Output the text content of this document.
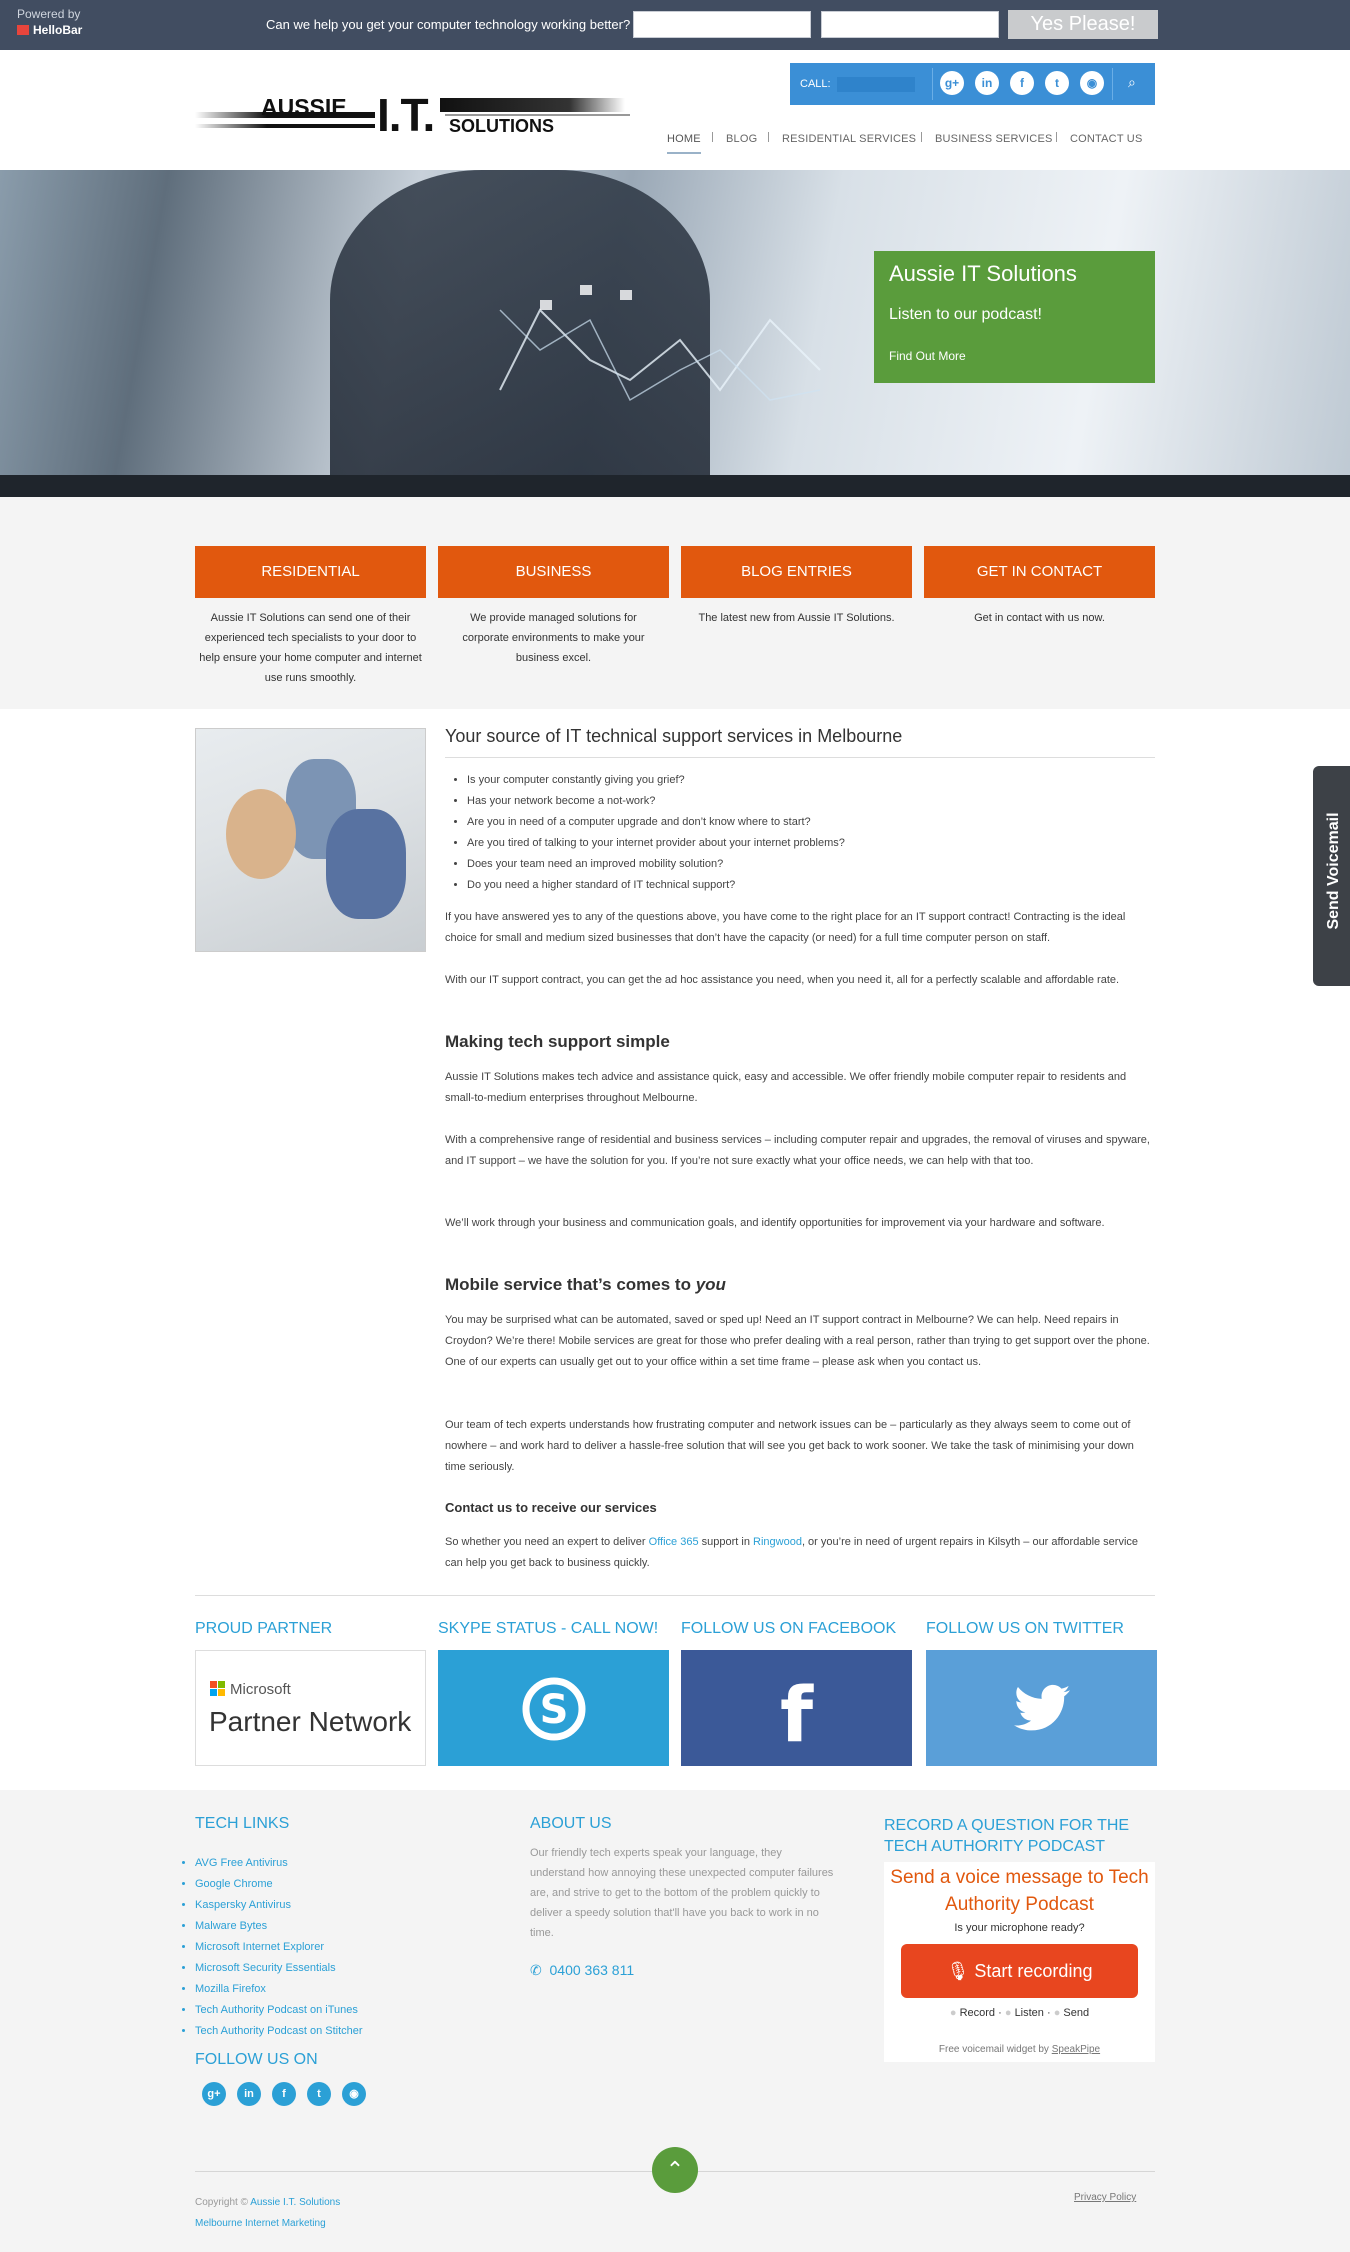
Powered by
HelloBar	Can we help you get your computer technology working better?	Yes Please!
AUSSIE I.T. SOLUTIONS
CALL:	g+	in	f	t	◉	⌕
HOME BLOG RESIDENTIAL SERVICES BUSINESS SERVICES CONTACT US
Aussie IT Solutions

Listen to our podcast!

Find Out More
RESIDENTIAL	BUSINESS	BLOG ENTRIES	GET IN CONTACT
Aussie IT Solutions can send one of their experienced tech specialists to your door to help ensure your home computer and internet use runs smoothly.
We provide managed solutions for corporate environments to make your business excel.
The latest new from Aussie IT Solutions.	Get in contact with us now.
Your source of IT technical support services in Melbourne
• Is your computer constantly giving you grief?
• Has your network become a not-work?
• Are you in need of a computer upgrade and don’t know where to start?
• Are you tired of talking to your internet provider about your internet problems?
• Does your team need an improved mobility solution?
• Do you need a higher standard of IT technical support?

If you have answered yes to any of the questions above, you have come to the right place for an IT support contract! Contracting is the ideal choice for small and medium sized businesses that don’t have the capacity (or need) for a full time computer person on staff.

With our IT support contract, you can get the ad hoc assistance you need, when you need it, all for a perfectly scalable and affordable rate.

Making tech support simple

Aussie IT Solutions makes tech advice and assistance quick, easy and accessible. We offer friendly mobile computer repair to residents and small-to-medium enterprises throughout Melbourne.

With a comprehensive range of residential and business services – including computer repair and upgrades, the removal of viruses and spyware, and IT support – we have the solution for you. If you’re not sure exactly what your office needs, we can help with that too.

We’ll work through your business and communication goals, and identify opportunities for improvement via your hardware and software.

Mobile service that’s comes to you

You may be surprised what can be automated, saved or sped up! Need an IT support contract in Melbourne? We can help. Need repairs in Croydon? We’re there! Mobile services are great for those who prefer dealing with a real person, rather than trying to get support over the phone. One of our experts can usually get out to your office within a set time frame – please ask when you contact us.

Our team of tech experts understands how frustrating computer and network issues can be – particularly as they always seem to come out of nowhere – and work hard to deliver a hassle-free solution that will see you get back to work sooner. We take the task of minimising your down time seriously.

Contact us to receive our services

So whether you need an expert to deliver Office 365 support in Ringwood, or you’re in need of urgent repairs in Kilsyth – our affordable service can help you get back to business quickly.

PROUD PARTNER	SKYPE STATUS - CALL NOW! FOLLOW US ON FACEBOOK FOLLOW US ON TWITTER
Microsoft
Partner Network	S	f
TECH LINKS
• AVG Free Antivirus
• Google Chrome
• Kaspersky Antivirus
• Malware Bytes
• Microsoft Internet Explorer
• Microsoft Security Essentials
• Mozilla Firefox
• Tech Authority Podcast on iTunes
• Tech Authority Podcast on Stitcher
FOLLOW US ON
g+	in	f	t	◉
ABOUT US

Our friendly tech experts speak your language, they understand how annoying these unexpected computer failures are, and strive to get to the bottom of the problem quickly to deliver a speedy solution that'll have you back to work in no time.

✆ 0400 363 811
RECORD A QUESTION FOR THE TECH AUTHORITY PODCAST
Send a voice message to Tech Authority Podcast
Is your microphone ready?
🎙 Start recording
● Record · ● Listen · ● Send
Free voicemail widget by SpeakPipe
⌃
Copyright © Aussie I.T. Solutions
Melbourne Internet Marketing
Privacy Policy
Send Voicemail
